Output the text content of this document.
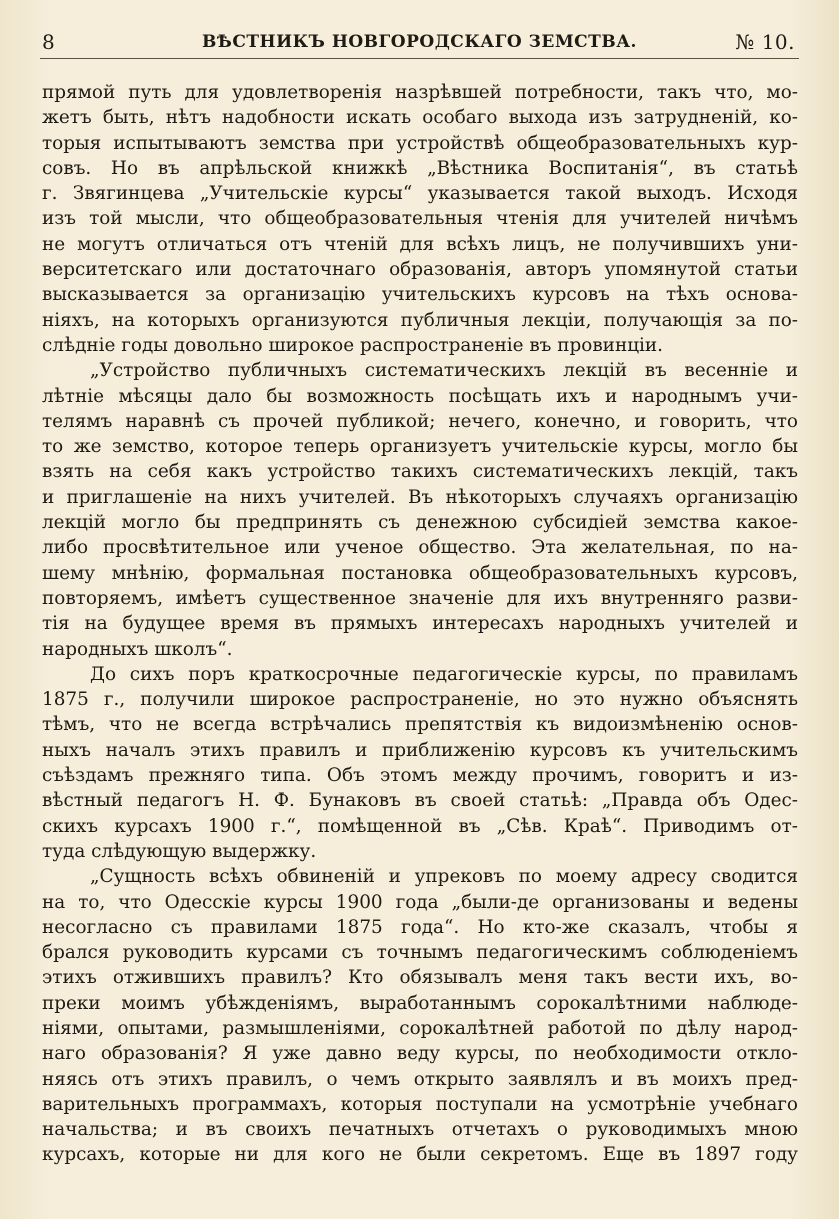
8	ВѢСТНИКЪ НОВГОРОДСКАГО ЗЕМСТВА.	№ 10.
прямой путь для удовлетворенія назрѣвшей потребности, такъ что, мо-
жетъ быть, нѣтъ надобности искать особаго выхода изъ затрудненій, ко-
торыя испытываютъ земства при устройствѣ общеобразовательныхъ кур-
совъ. Но въ апрѣльской книжкѣ „Вѣстника Воспитанія“, въ статьѣ
г. Звягинцева „Учительскіе курсы“ указывается такой выходъ. Исходя
изъ той мысли, что общеобразовательныя чтенія для учителей ничѣмъ
не могутъ отличаться отъ чтеній для всѣхъ лицъ, не получившихъ уни-
верситетскаго или достаточнаго образованія, авторъ упомянутой статьи
высказывается за организацію учительскихъ курсовъ на тѣхъ основа-
ніяхъ, на которыхъ организуются публичныя лекціи, получающія за по-
слѣдніе годы довольно широкое распространеніе въ провинціи.
„Устройство публичныхъ систематическихъ лекцій въ весенніе и
лѣтніе мѣсяцы дало бы возможность посѣщать ихъ и народнымъ учи-
телямъ наравнѣ съ прочей публикой; нечего, конечно, и говорить, что
то же земство, которое теперь организуетъ учительскіе курсы, могло бы
взять на себя какъ устройство такихъ систематическихъ лекцій, такъ
и приглашеніе на нихъ учителей. Въ нѣкоторыхъ случаяхъ организацію
лекцій могло бы предпринять съ денежною субсидіей земства какое-
либо просвѣтительное или ученое общество. Эта желательная, по на-
шему мнѣнію, формальная постановка общеобразовательныхъ курсовъ,
повторяемъ, имѣетъ существенное значеніе для ихъ внутренняго разви-
тія на будущее время въ прямыхъ интересахъ народныхъ учителей и
народныхъ школъ“.
До сихъ поръ краткосрочные педагогическіе курсы, по правиламъ
1875 г., получили широкое распространеніе, но это нужно объяснять
тѣмъ, что не всегда встрѣчались препятствія къ видоизмѣненію основ-
ныхъ началъ этихъ правилъ и приближенію курсовъ къ учительскимъ
съѣздамъ прежняго типа. Объ этомъ между прочимъ, говоритъ и из-
вѣстный педагогъ Н. Ф. Бунаковъ въ своей статьѣ: „Правда объ Одес-
скихъ курсахъ 1900 г.“, помѣщенной въ „Сѣв. Краѣ“. Приводимъ от-
туда слѣдующую выдержку.
„Сущность всѣхъ обвиненій и упрековъ по моему адресу сводится
на то, что Одесскіе курсы 1900 года „были-де организованы и ведены
несогласно съ правилами 1875 года“. Но кто-же сказалъ, чтобы я
брался руководить курсами съ точнымъ педагогическимъ соблюденіемъ
этихъ отжившихъ правилъ? Кто обязывалъ меня такъ вести ихъ, во-
преки моимъ убѣжденіямъ, выработаннымъ сорокалѣтними наблюде-
ніями, опытами, размышленіями, сорокалѣтней работой по дѣлу народ-
наго образованія? Я уже давно веду курсы, по необходимости откло-
няясь отъ этихъ правилъ, о чемъ открыто заявлялъ и въ моихъ пред-
варительныхъ программахъ, которыя поступали на усмотрѣніе учебнаго
начальства; и въ своихъ печатныхъ отчетахъ о руководимыхъ мною
курсахъ, которые ни для кого не были секретомъ. Еще въ 1897 году
